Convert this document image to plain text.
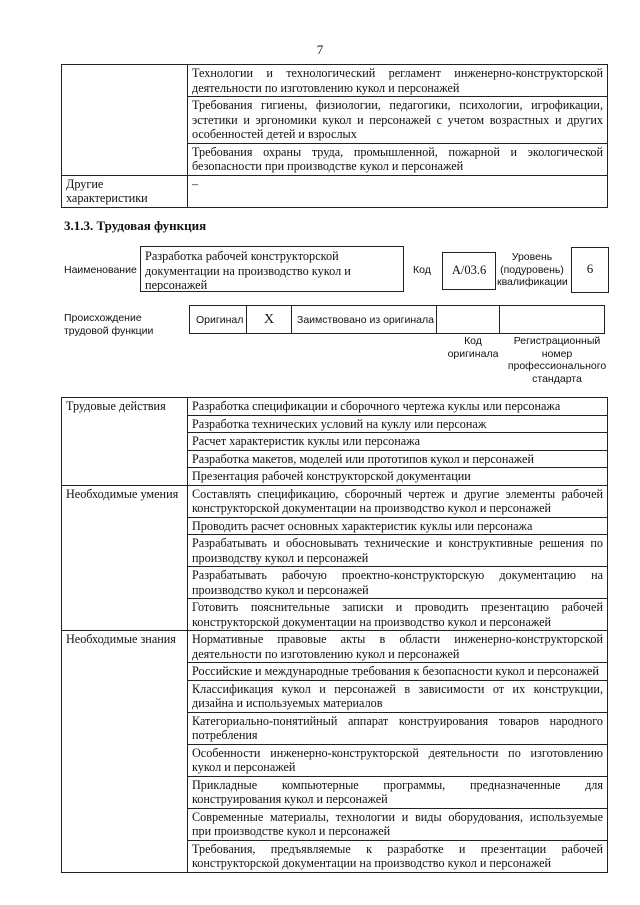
7
	Технологии и технологический регламент инженерно-конструкторской деятельности по изготовлению кукол и персонажей
	Требования гигиены, физиологии, педагогики, психологии, игрофикации, эстетики и эргономики кукол и персонажей с учетом возрастных и других особенностей детей и взрослых
	Требования охраны труда, промышленной, пожарной и экологической безопасности при производстве кукол и персонажей
Другие характеристики	–
3.1.3. Трудовая функция
Наименование
Разработка рабочей конструкторской документации на производство кукол и персонажей
Код	A/03.6
Уровень (подуровень) квалификации
6
Происхождение трудовой функции
Оригинал	X	Заимствовано из оригинала
Код оригинала
Регистрационный номер профессионального стандарта
Трудовые действия	Разработка спецификации и сборочного чертежа куклы или персонажа
	Разработка технических условий на куклу или персонаж
	Расчет характеристик куклы или персонажа
	Разработка макетов, моделей или прототипов кукол и персонажей
	Презентация рабочей конструкторской документации
Необходимые умения	Составлять спецификацию, сборочный чертеж и другие элементы рабочей конструкторской документации на производство кукол и персонажей
	Проводить расчет основных характеристик куклы или персонажа
	Разрабатывать и обосновывать технические и конструктивные решения по производству кукол и персонажей
	Разрабатывать рабочую проектно-конструкторскую документацию на производство кукол и персонажей
	Готовить пояснительные записки и проводить презентацию рабочей конструкторской документации на производство кукол и персонажей
Необходимые знания	Нормативные правовые акты в области инженерно-конструкторской деятельности по изготовлению кукол и персонажей
	Российские и международные требования к безопасности кукол и персонажей
	Классификация кукол и персонажей в зависимости от их конструкции, дизайна и используемых материалов
	Категориально-понятийный аппарат конструирования товаров народного потребления
	Особенности инженерно-конструкторской деятельности по изготовлению кукол и персонажей
	Прикладные компьютерные программы, предназначенные для конструирования кукол и персонажей
	Современные материалы, технологии и виды оборудования, используемые при производстве кукол и персонажей
	Требования, предъявляемые к разработке и презентации рабочей конструкторской документации на производство кукол и персонажей
